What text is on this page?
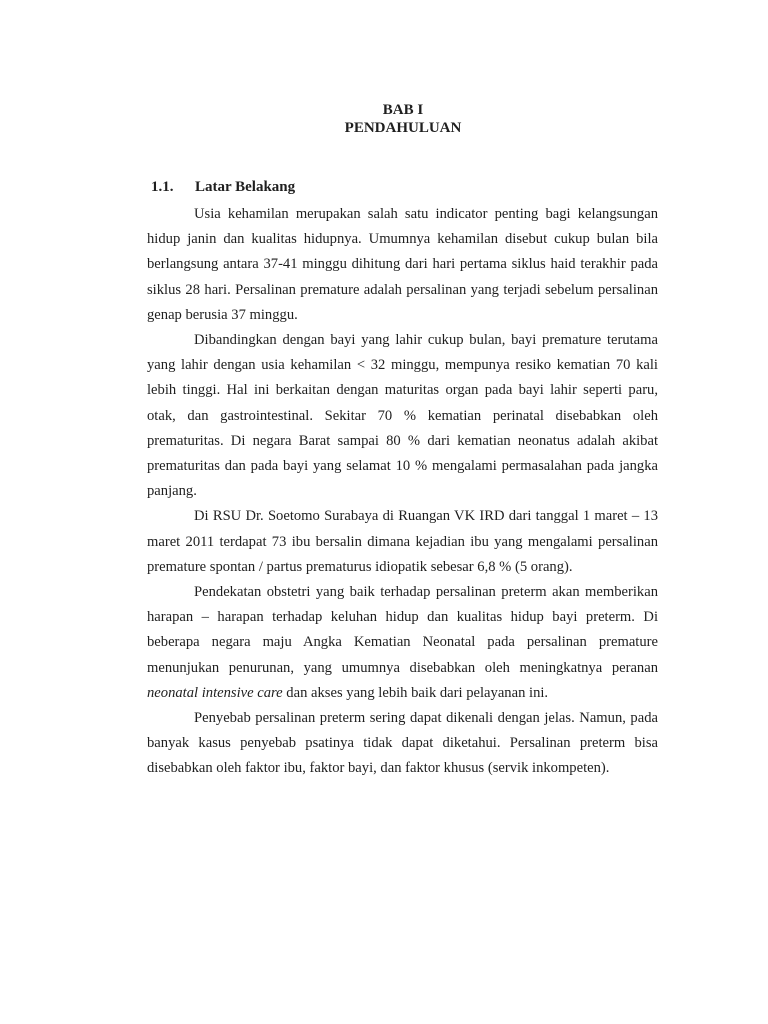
BAB I
PENDAHULUAN
1.1. Latar Belakang

Usia kehamilan merupakan salah satu indicator penting bagi kelangsungan hidup janin dan kualitas hidupnya. Umumnya kehamilan disebut cukup bulan bila berlangsung antara 37-41 minggu dihitung dari hari pertama siklus haid terakhir pada siklus 28 hari. Persalinan premature adalah persalinan yang terjadi sebelum persalinan genap berusia 37 minggu.

Dibandingkan dengan bayi yang lahir cukup bulan, bayi premature terutama yang lahir dengan usia kehamilan < 32 minggu, mempunya resiko kematian 70 kali lebih tinggi. Hal ini berkaitan dengan maturitas organ pada bayi lahir seperti paru, otak, dan gastrointestinal. Sekitar 70 % kematian perinatal disebabkan oleh prematuritas. Di negara Barat sampai 80 % dari kematian neonatus adalah akibat prematuritas dan pada bayi yang selamat 10 % mengalami permasalahan pada jangka panjang.

Di RSU Dr. Soetomo Surabaya di Ruangan VK IRD dari tanggal 1 maret – 13 maret 2011 terdapat 73 ibu bersalin dimana kejadian ibu yang mengalami persalinan premature spontan / partus prematurus idiopatik sebesar 6,8 % (5 orang).

Pendekatan obstetri yang baik terhadap persalinan preterm akan memberikan harapan – harapan terhadap keluhan hidup dan kualitas hidup bayi preterm. Di beberapa negara maju Angka Kematian Neonatal pada persalinan premature menunjukan penurunan, yang umumnya disebabkan oleh meningkatnya peranan neonatal intensive care dan akses yang lebih baik dari pelayanan ini.

Penyebab persalinan preterm sering dapat dikenali dengan jelas. Namun, pada banyak kasus penyebab psatinya tidak dapat diketahui. Persalinan preterm bisa disebabkan oleh faktor ibu, faktor bayi, dan faktor khusus (servik inkompeten).
